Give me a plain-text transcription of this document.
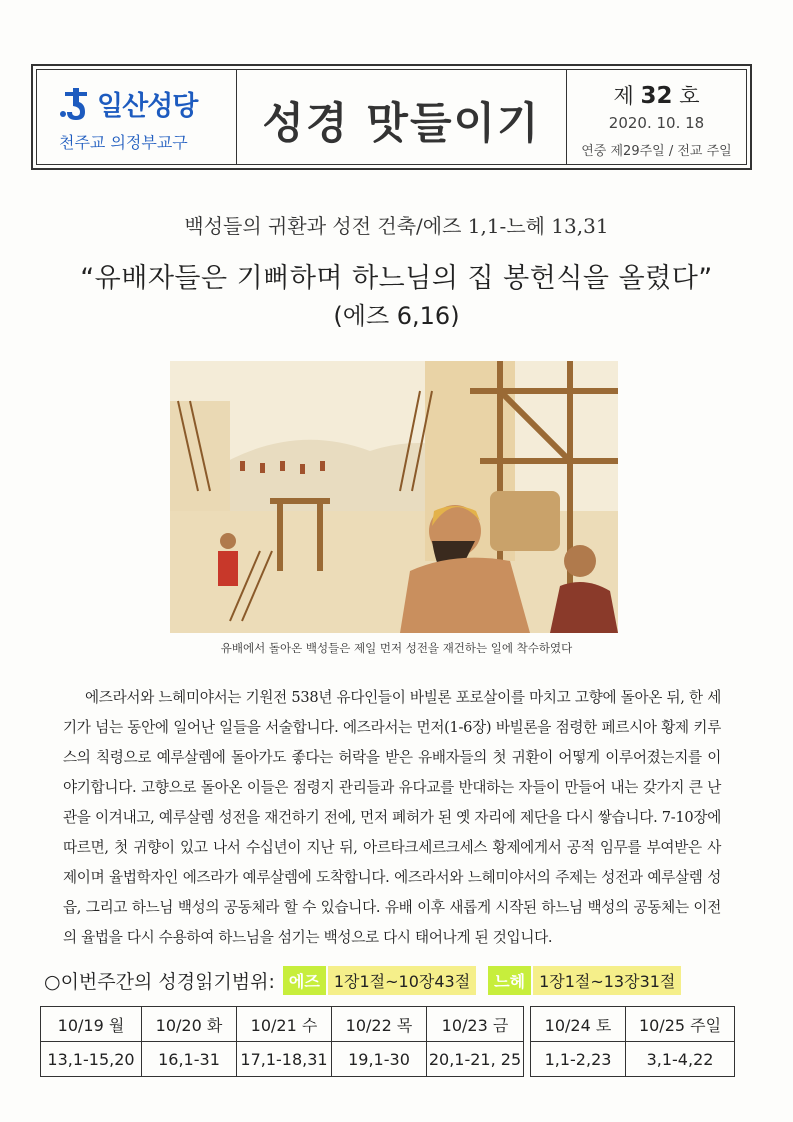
일산성당
천주교 의정부교구	성경 맛들이기
제 32 호
2020. 10. 18
연중 제29주일 / 전교 주일
백성들의 귀환과 성전 건축/에즈 1,1-느헤 13,31
“유배자들은 기뻐하며 하느님의 집 봉헌식을 올렸다”
(에즈 6,16)
유배에서 돌아온 백성들은 제일 먼저 성전을 재건하는 일에 착수하였다
에즈라서와 느헤미야서는 기원전 538년 유다인들이 바빌론 포로살이를 마치고 고향에 돌아온 뒤, 한 세기가 넘는 동안에 일어난 일들을 서술합니다. 에즈라서는 먼저(1-6장) 바빌론을 점령한 페르시아 황제 키루스의 칙령으로 예루살렘에 돌아가도 좋다는 허락을 받은 유배자들의 첫 귀환이 어떻게 이루어졌는지를 이야기합니다. 고향으로 돌아온 이들은 점령지 관리들과 유다교를 반대하는 자들이 만들어 내는 갖가지 큰 난관을 이겨내고, 예루살렘 성전을 재건하기 전에, 먼저 폐허가 된 옛 자리에 제단을 다시 쌓습니다. 7-10장에 따르면, 첫 귀향이 있고 나서 수십년이 지난 뒤, 아르타크세르크세스 황제에게서 공적 임무를 부여받은 사제이며 율법학자인 에즈라가 예루살렘에 도착합니다. 에즈라서와 느헤미야서의 주제는 성전과 예루살렘 성읍, 그리고 하느님 백성의 공동체라 할 수 있습니다. 유배 이후 새롭게 시작된 하느님 백성의 공동체는 이전의 율법을 다시 수용하여 하느님을 섬기는 백성으로 다시 태어나게 된 것입니다.
○이번주간의 성경읽기범위: 에즈 1장1절~10장43절	느헤 1장1절~13장31절
10/19 월	10/20 화	10/21 수	10/22 목	10/23 금
13,1-15,20	16,1-31	17,1-18,31	19,1-30	20,1-21, 25
10/24 토	10/25 주일
1,1-2,23	3,1-4,22
